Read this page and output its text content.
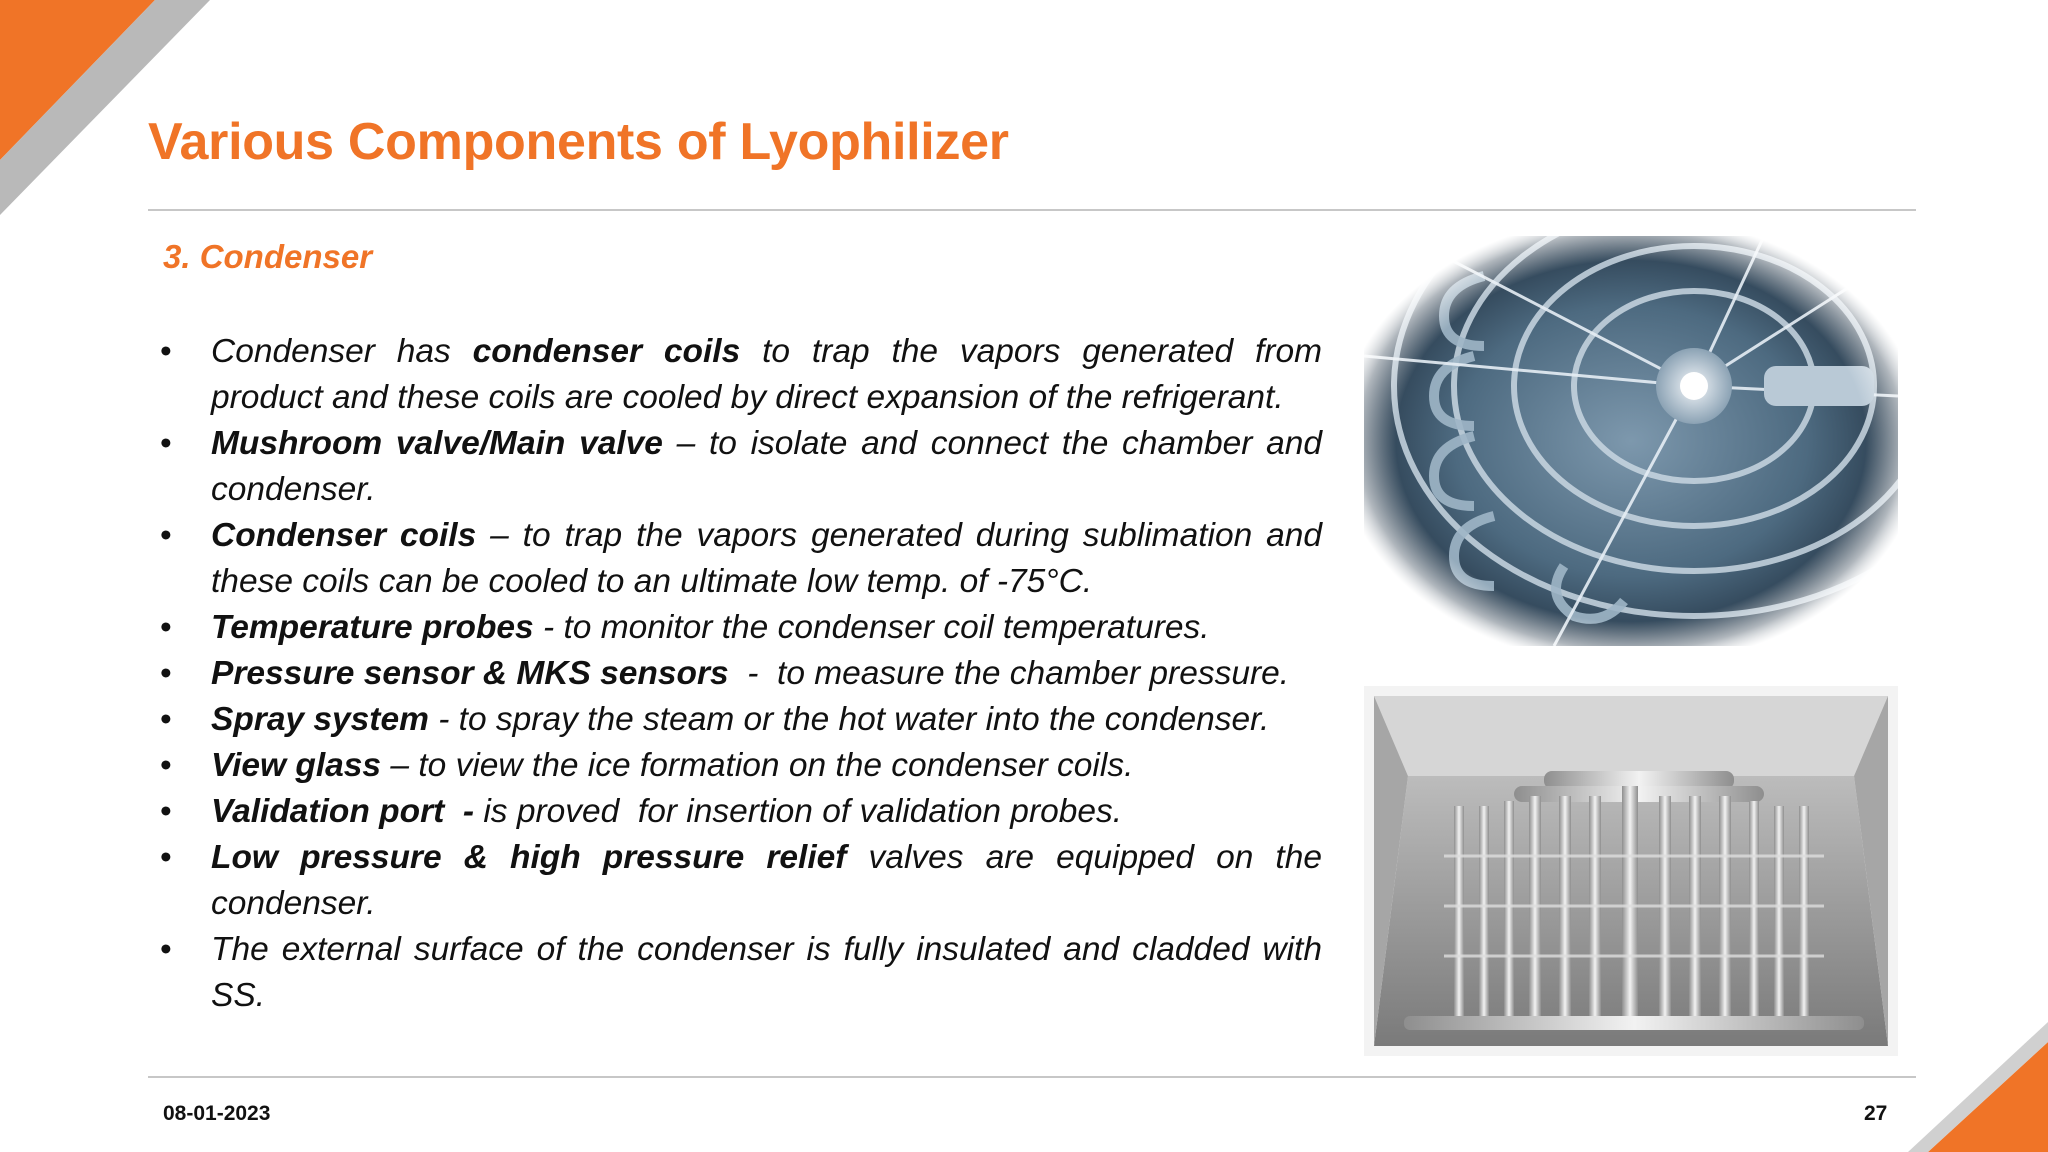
Various Components of Lyophilizer
3. Condenser
• Condenser has condenser coils to trap the vapors generated from product and these coils are cooled by direct expansion of the refrigerant.
• Mushroom valve/Main valve – to isolate and connect the chamber and condenser.
• Condenser coils – to trap the vapors generated during sublimation and these coils can be cooled to an ultimate low temp. of -75°C.
• Temperature probes - to monitor the condenser coil temperatures.
• Pressure sensor & MKS sensors  -  to measure the chamber pressure.
• Spray system - to spray the steam or the hot water into the condenser.
• View glass – to view the ice formation on the condenser coils.
• Validation port  - is proved  for insertion of validation probes.
• Low pressure & high pressure relief valves are equipped on the condenser.
• The external surface of the condenser is fully insulated and cladded with SS.
08-01-2023	27
